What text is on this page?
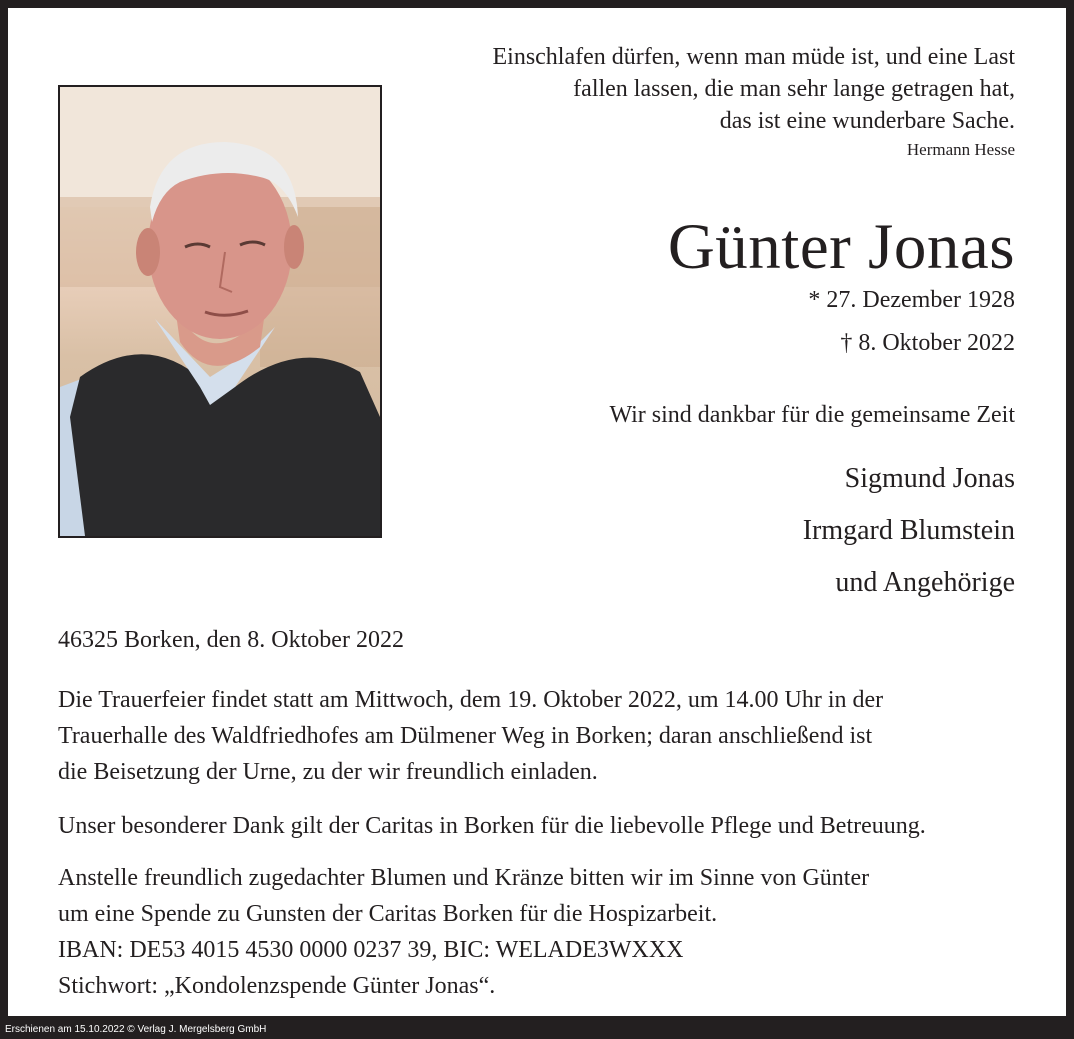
Einschlafen dürfen, wenn man müde ist, und eine Last
fallen lassen, die man sehr lange getragen hat,
das ist eine wunderbare Sache.
Hermann Hesse
Günter Jonas
* 27. Dezember 1928
† 8. Oktober 2022
Wir sind dankbar für die gemeinsame Zeit
Sigmund Jonas
Irmgard Blumstein
und Angehörige
46325 Borken, den 8. Oktober 2022
Die Trauerfeier findet statt am Mittwoch, dem 19. Oktober 2022, um 14.00 Uhr in der
Trauerhalle des Waldfriedhofes am Dülmener Weg in Borken; daran anschließend ist
die Beisetzung der Urne, zu der wir freundlich einladen.
Unser besonderer Dank gilt der Caritas in Borken für die liebevolle Pflege und Betreuung.
Anstelle freundlich zugedachter Blumen und Kränze bitten wir im Sinne von Günter
um eine Spende zu Gunsten der Caritas Borken für die Hospizarbeit.
IBAN: DE53 4015 4530 0000 0237 39, BIC: WELADE3WXXX
Stichwort: „Kondolenzspende Günter Jonas“.
Erschienen am 15.10.2022 © Verlag J. Mergelsberg GmbH
